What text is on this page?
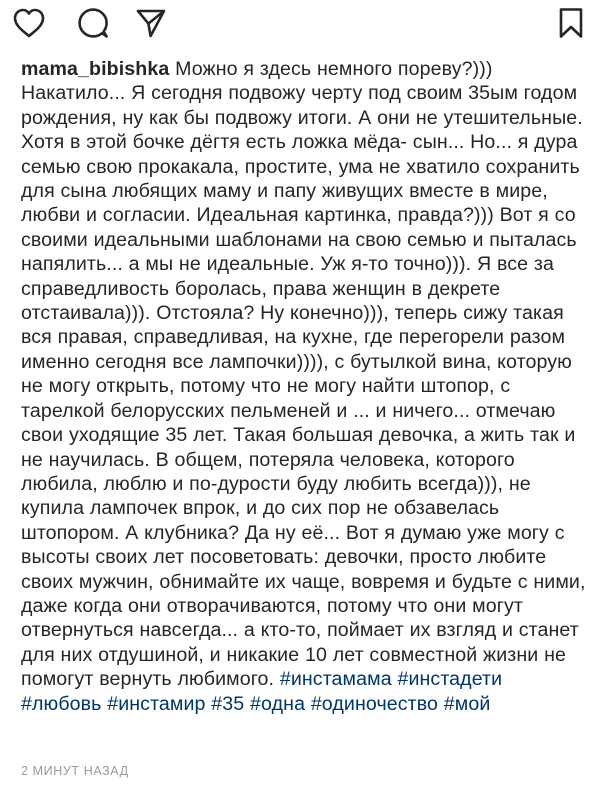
mama_bibishka Можно я здесь немного пореву?))) Накатило... Я сегодня подвожу черту под своим 35ым годом рождения, ну как бы подвожу итоги. А они не утешительные. Хотя в этой бочке дёгтя есть ложка мёда- сын... Но... я дура семью свою прокакала, простите, ума не хватило сохранить для сына любящих маму и папу живущих вместе в мире, любви и согласии. Идеальная картинка, правда?))) Вот я со своими идеальными шаблонами на свою семью и пыталась напялить... а мы не идеальные. Уж я-то точно))). Я все за справедливость боролась, права женщин в декрете отстаивала))). Отстояла? Ну конечно))), теперь сижу такая вся правая, справедливая, на кухне, где перегорели разом именно сегодня все лампочки)))), с бутылкой вина, которую не могу открыть, потому что не могу найти штопор, с тарелкой белорусских пельменей и ... и ничего... отмечаю свои уходящие 35 лет. Такая большая девочка, а жить так и не научилась. В общем, потеряла человека, которого любила, люблю и по-дурости буду любить всегда))), не купила лампочек впрок, и до сих пор не обзавелась штопором. А клубника? Да ну её... Вот я думаю уже могу с высоты своих лет посоветовать: девочки, просто любите своих мужчин, обнимайте их чаще, вовремя и будьте с ними, даже когда они отворачиваются, потому что они могут отвернуться навсегда... а кто-то, поймает их взгляд и станет для них отдушиной, и никакие 10 лет совместной жизни не помогут вернуть любимого. #инстамама #инстадети #любовь #инстамир #35 #одна #одиночество #мой
2 МИНУТ НАЗАД
